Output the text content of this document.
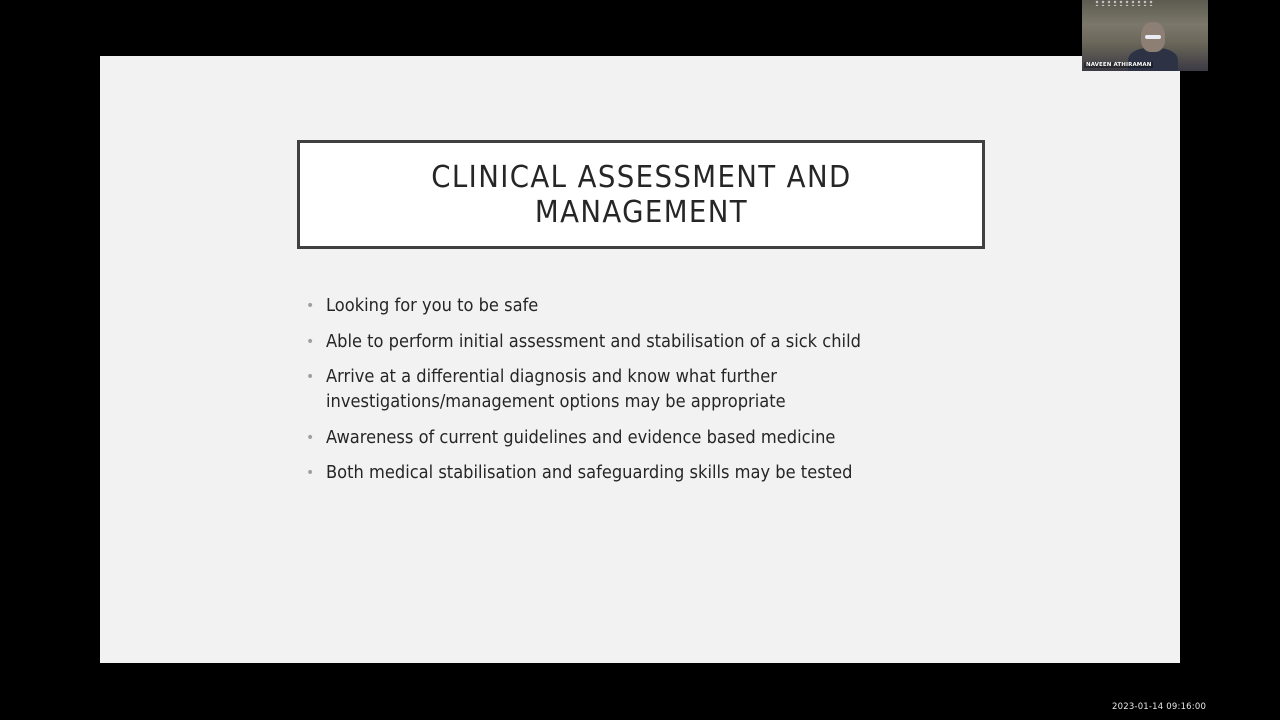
CLINICAL ASSESSMENT AND
MANAGEMENT
• Looking for you to be safe
• Able to perform initial assessment and stabilisation of a sick child
• Arrive at a differential diagnosis and know what further
investigations/management options may be appropriate
• Awareness of current guidelines and evidence based medicine
• Both medical stabilisation and safeguarding skills may be tested
NAVEEN ATHIRAMAN
2023-01-14 09:16:00
